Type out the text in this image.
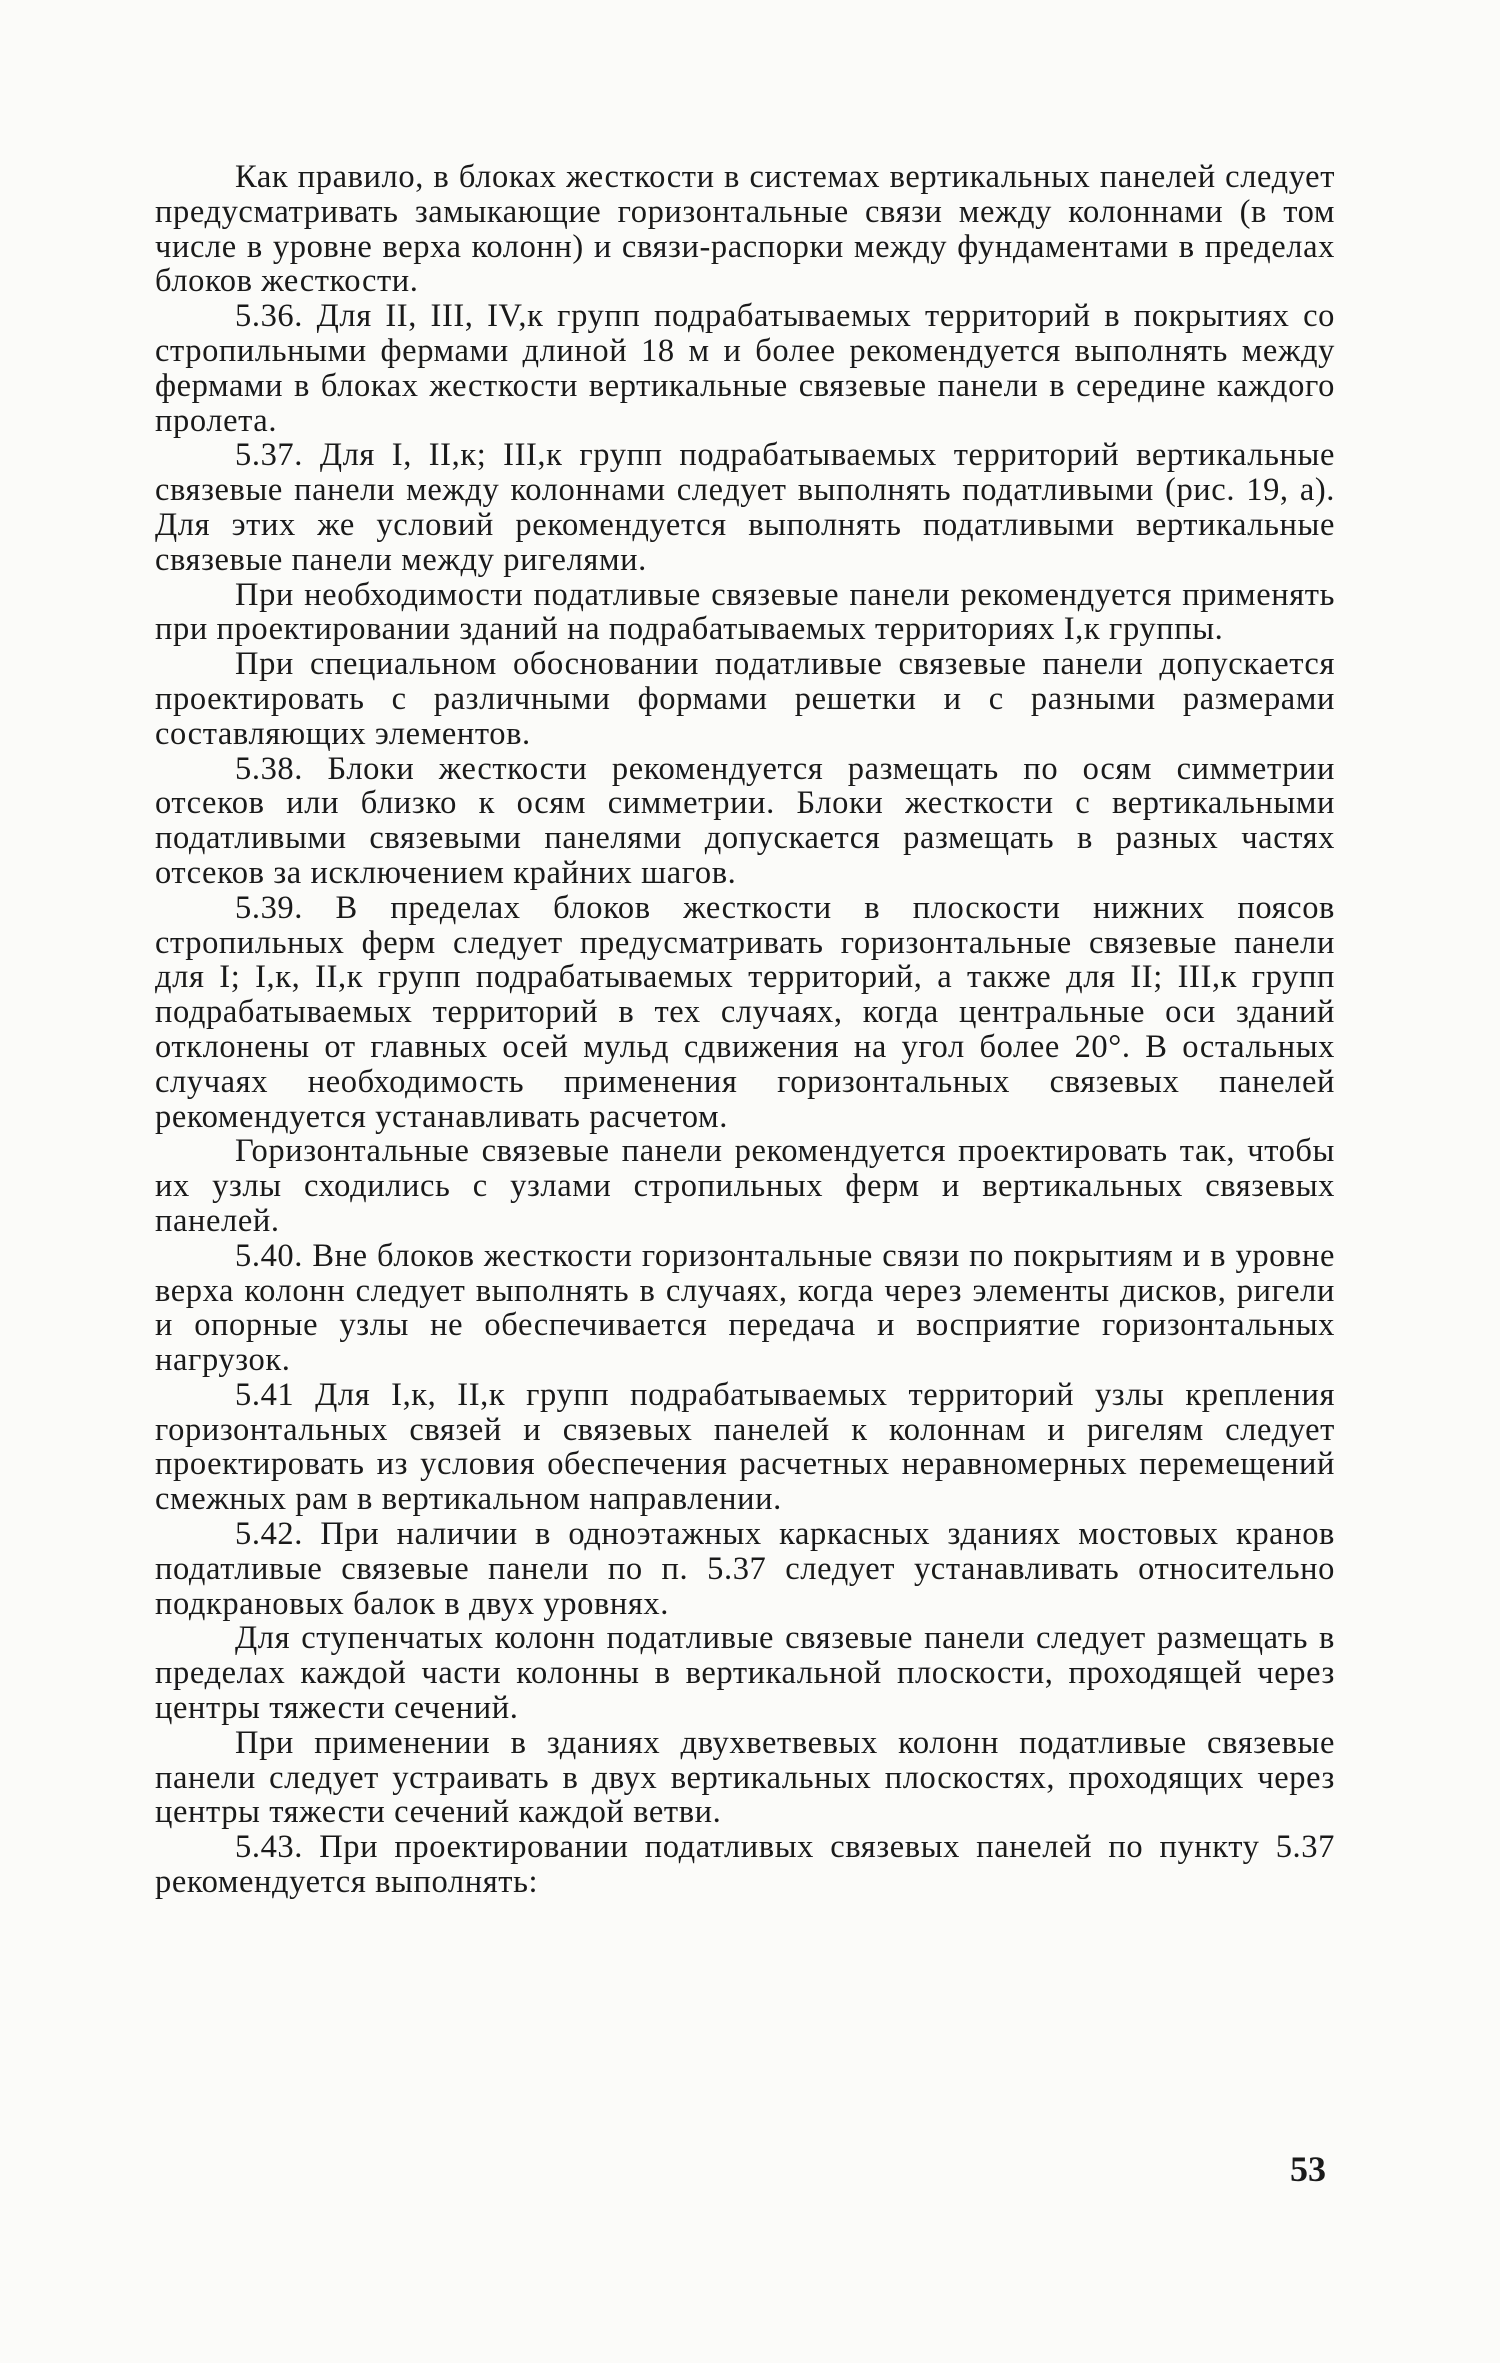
Как правило, в блоках жесткости в системах вертикальных панелей следует предусматривать замыкающие горизонтальные связи между колоннами (в том числе в уровне верха колонн) и связи-распорки между фундаментами в пределах блоков жесткости.

5.36. Для II, III, IV,к групп подрабатываемых территорий в покрытиях со стропильными фермами длиной 18 м и более рекомендуется выполнять между фермами в блоках жесткости вертикальные связевые панели в середине каждого пролета.

5.37. Для I, II,к; III,к групп подрабатываемых территорий вертикальные связевые панели между колоннами следует выполнять податливыми (рис. 19, а). Для этих же условий рекомендуется выполнять податливыми вертикальные связевые панели между ригелями.

При необходимости податливые связевые панели рекомендуется применять при проектировании зданий на подрабатываемых территориях I,к группы.

При специальном обосновании податливые связевые панели допускается проектировать с различными формами решетки и с разными размерами составляющих элементов.

5.38. Блоки жесткости рекомендуется размещать по осям симметрии отсеков или близко к осям симметрии. Блоки жесткости с вертикальными податливыми связевыми панелями допускается размещать в разных частях отсеков за исключением крайних шагов.

5.39. В пределах блоков жесткости в плоскости нижних поясов стропильных ферм следует предусматривать горизонтальные связевые панели для I; I,к, II,к групп подрабатываемых территорий, а также для II; III,к групп подрабатываемых территорий в тех случаях, когда центральные оси зданий отклонены от главных осей мульд сдвижения на угол более 20°. В остальных случаях необходимость применения горизонтальных связевых панелей рекомендуется устанавливать расчетом.

Горизонтальные связевые панели рекомендуется проектировать так, чтобы их узлы сходились с узлами стропильных ферм и вертикальных связевых панелей.

5.40. Вне блоков жесткости горизонтальные связи по покрытиям и в уровне верха колонн следует выполнять в случаях, когда через элементы дисков, ригели и опорные узлы не обеспечивается передача и восприятие горизонтальных нагрузок.

5.41 Для I,к, II,к групп подрабатываемых территорий узлы крепления горизонтальных связей и связевых панелей к колоннам и ригелям следует проектировать из условия обеспечения расчетных неравномерных перемещений смежных рам в вертикальном направлении.

5.42. При наличии в одноэтажных каркасных зданиях мостовых кранов податливые связевые панели по п. 5.37 следует устанавливать относительно подкрановых балок в двух уровнях.

Для ступенчатых колонн податливые связевые панели следует размещать в пределах каждой части колонны в вертикальной плоскости, проходящей через центры тяжести сечений.

При применении в зданиях двухветвевых колонн податливые связевые панели следует устраивать в двух вертикальных плоскостях, проходящих через центры тяжести сечений каждой ветви.

5.43. При проектировании податливых связевых панелей по пункту 5.37 рекомендуется выполнять:

53
